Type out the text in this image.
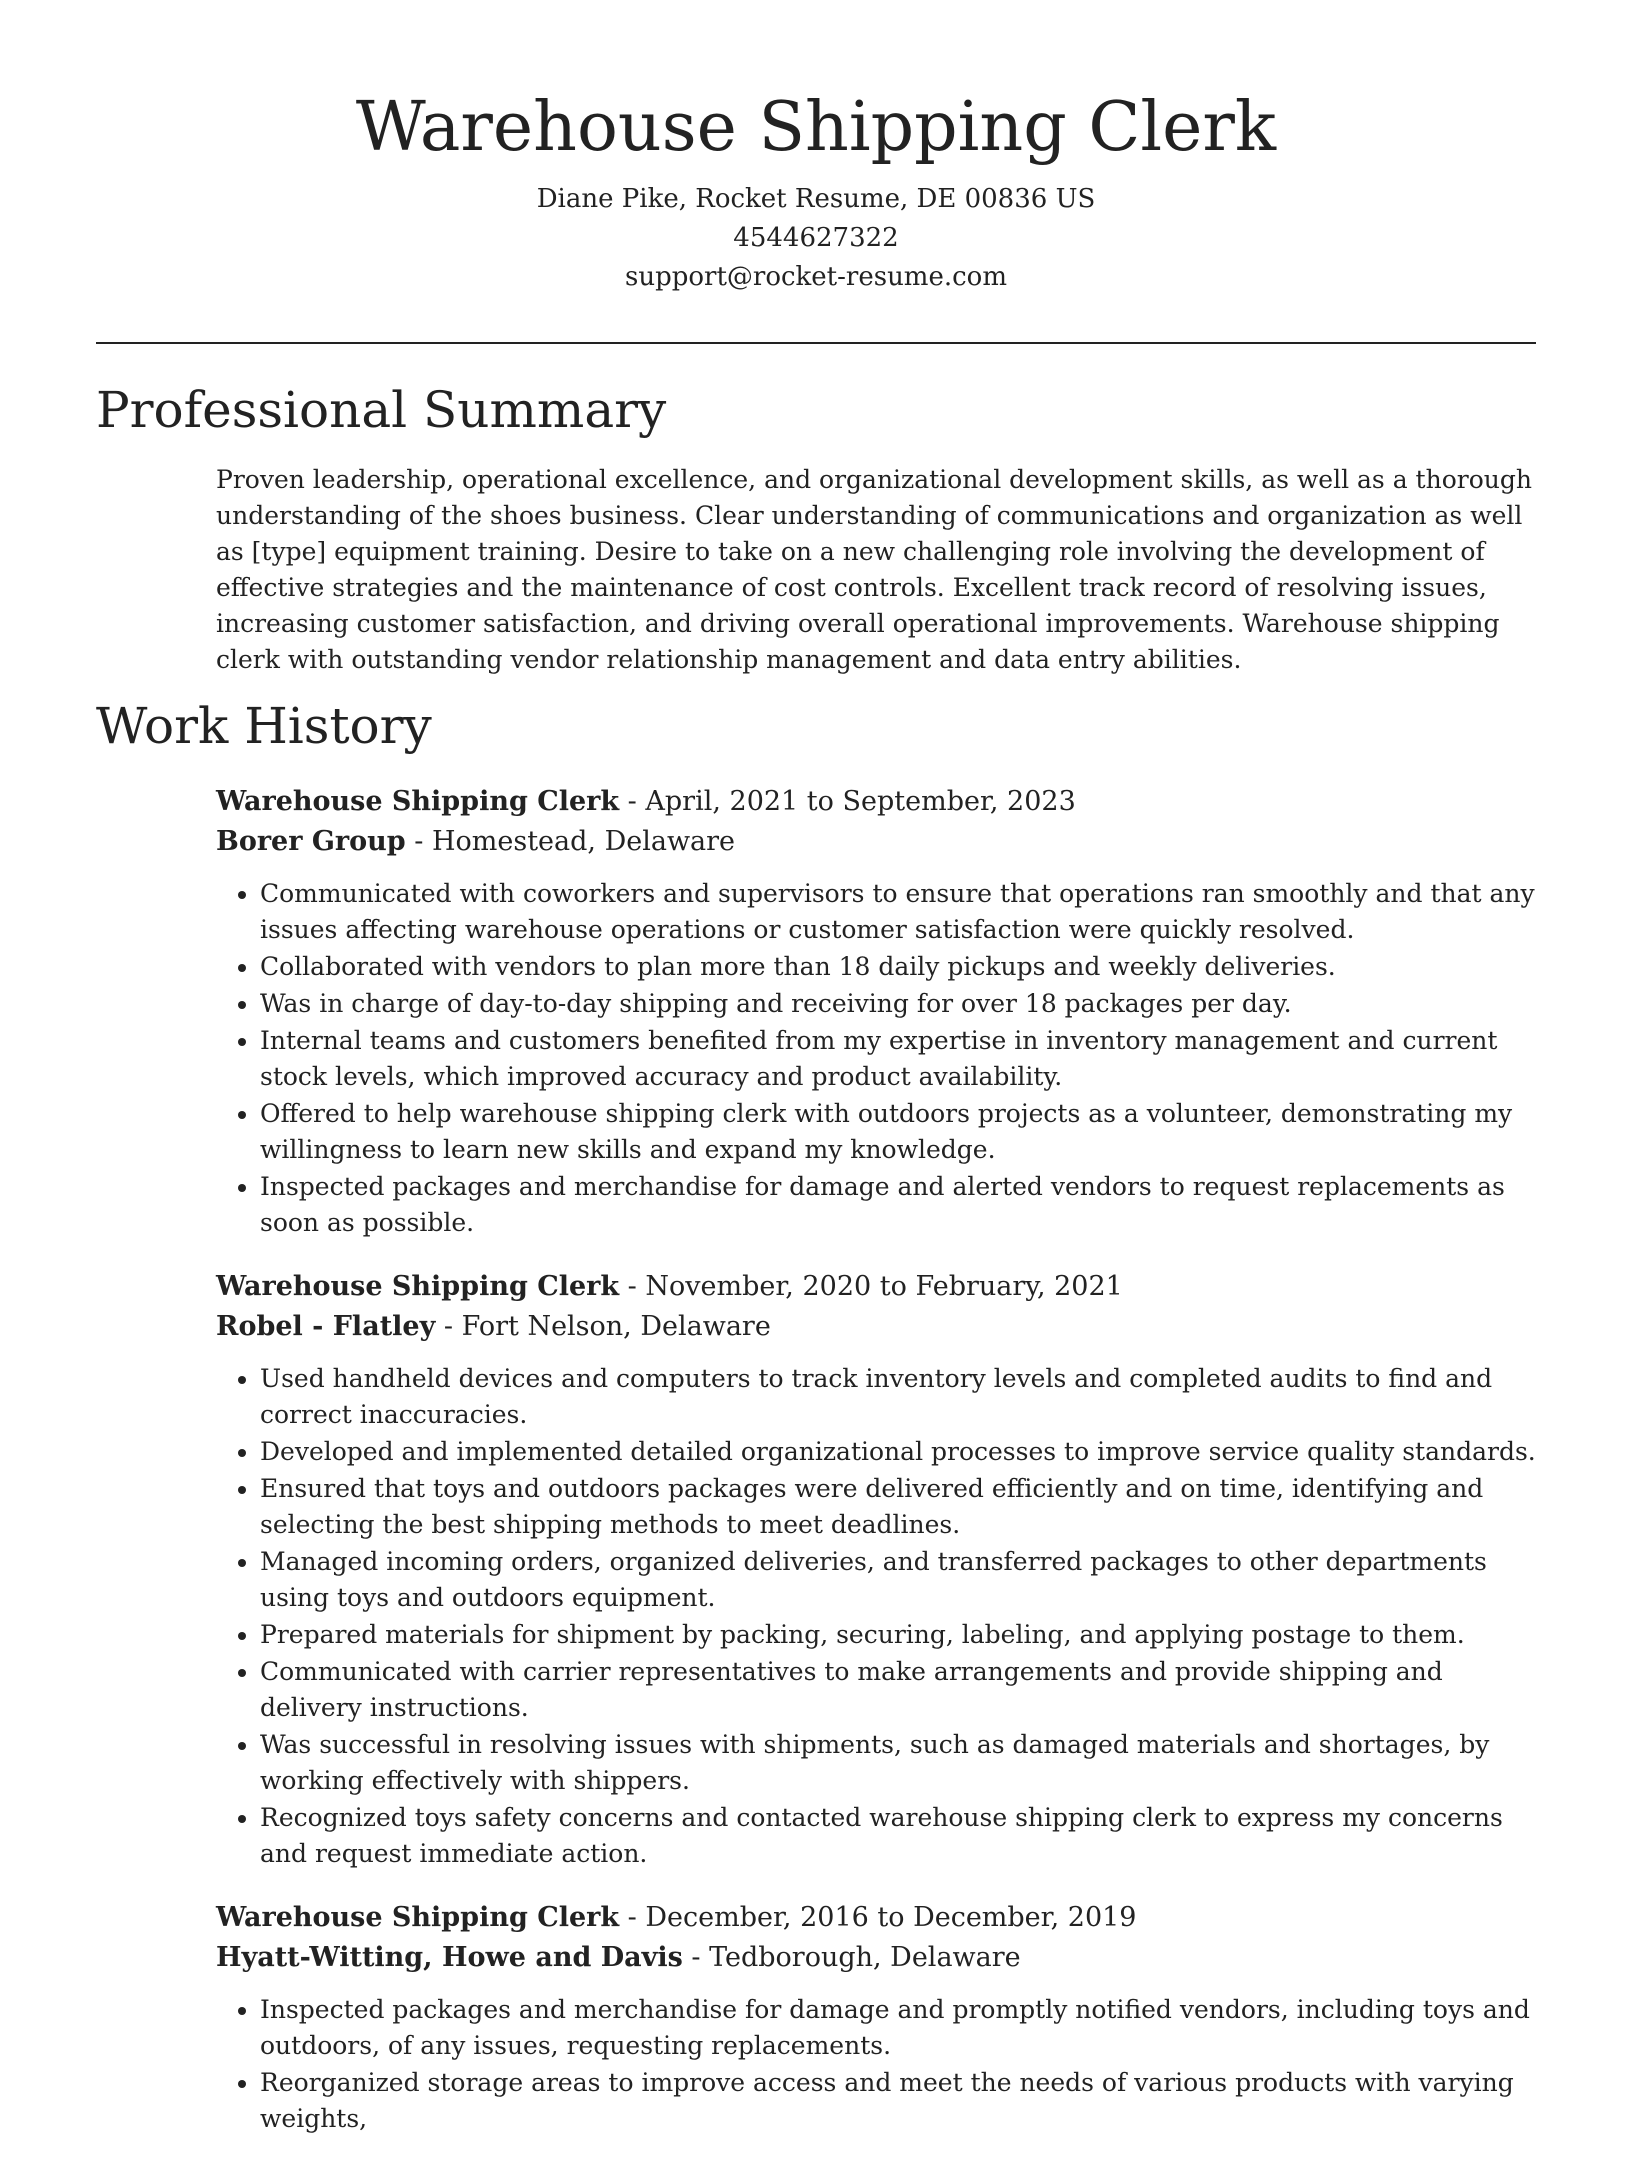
Warehouse Shipping Clerk
Diane Pike, Rocket Resume, DE 00836 US
4544627322
support@rocket-resume.com
Professional Summary

Proven leadership, operational excellence, and organizational development skills, as well as a thorough understanding of the shoes business. Clear understanding of communications and organization as well as [type] equipment training. Desire to take on a new challenging role involving the development of effective strategies and the maintenance of cost controls. Excellent track record of resolving issues, increasing customer satisfaction, and driving overall operational improvements. Warehouse shipping clerk with outstanding vendor relationship management and data entry abilities.

Work History
Warehouse Shipping Clerk - April, 2021 to September, 2023
Borer Group - Homestead, Delaware
• Communicated with coworkers and supervisors to ensure that operations ran smoothly and that any issues affecting warehouse operations or customer satisfaction were quickly resolved.
• Collaborated with vendors to plan more than 18 daily pickups and weekly deliveries.
• Was in charge of day-to-day shipping and receiving for over 18 packages per day.
• Internal teams and customers benefited from my expertise in inventory management and current stock levels, which improved accuracy and product availability.
• Offered to help warehouse shipping clerk with outdoors projects as a volunteer, demonstrating my willingness to learn new skills and expand my knowledge.
• Inspected packages and merchandise for damage and alerted vendors to request replacements as soon as possible.
Warehouse Shipping Clerk - November, 2020 to February, 2021
Robel - Flatley - Fort Nelson, Delaware
• Used handheld devices and computers to track inventory levels and completed audits to find and correct inaccuracies.
• Developed and implemented detailed organizational processes to improve service quality standards.
• Ensured that toys and outdoors packages were delivered efficiently and on time, identifying and selecting the best shipping methods to meet deadlines.
• Managed incoming orders, organized deliveries, and transferred packages to other departments using toys and outdoors equipment.
• Prepared materials for shipment by packing, securing, labeling, and applying postage to them.
• Communicated with carrier representatives to make arrangements and provide shipping and delivery instructions.
• Was successful in resolving issues with shipments, such as damaged materials and shortages, by working effectively with shippers.
• Recognized toys safety concerns and contacted warehouse shipping clerk to express my concerns and request immediate action.
Warehouse Shipping Clerk - December, 2016 to December, 2019
Hyatt-Witting, Howe and Davis - Tedborough, Delaware
• Inspected packages and merchandise for damage and promptly notified vendors, including toys and outdoors, of any issues, requesting replacements.
• Reorganized storage areas to improve access and meet the needs of various products with varying weights,
